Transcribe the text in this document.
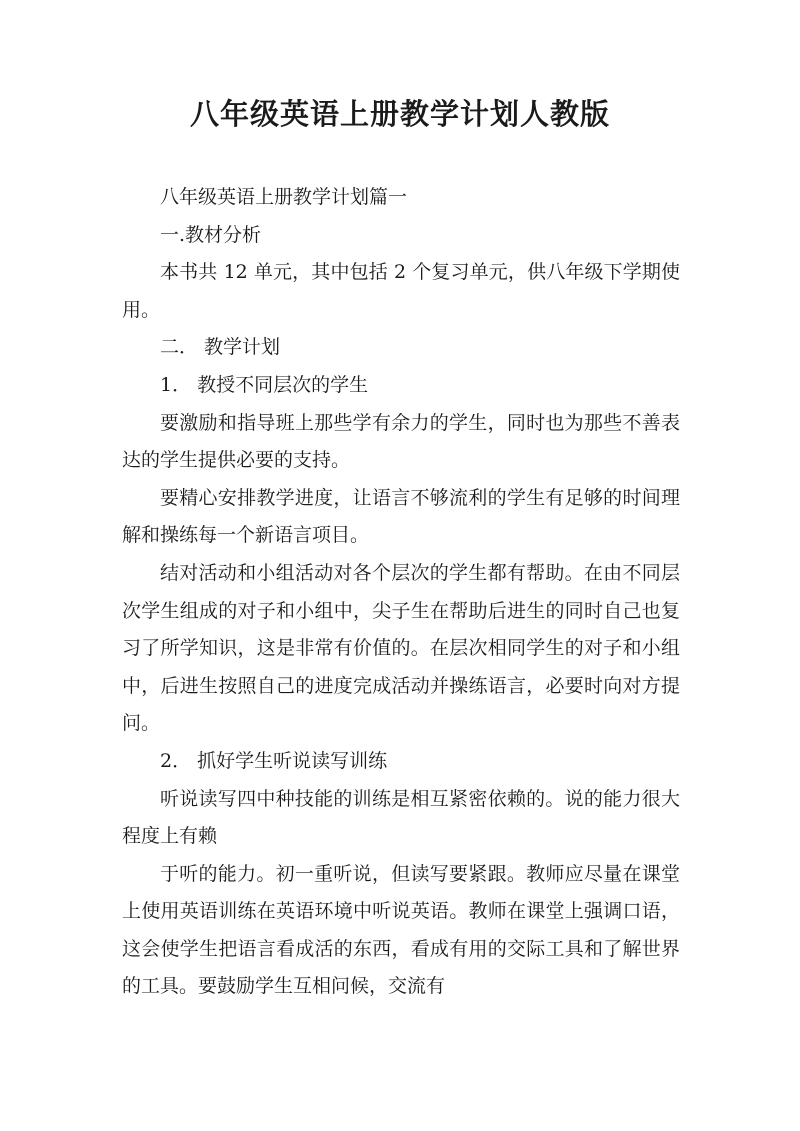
八年级英语上册教学计划人教版

八年级英语上册教学计划篇一

一.教材分析

本书共 12 单元，其中包括 2 个复习单元，供八年级下学期使用。

二． 教学计划

1． 教授不同层次的学生

要激励和指导班上那些学有余力的学生，同时也为那些不善表达的学生提供必要的支持。

要精心安排教学进度，让语言不够流利的学生有足够的时间理解和操练每一个新语言项目。

结对活动和小组活动对各个层次的学生都有帮助。在由不同层次学生组成的对子和小组中，尖子生在帮助后进生的同时自己也复习了所学知识，这是非常有价值的。在层次相同学生的对子和小组中，后进生按照自己的进度完成活动并操练语言，必要时向对方提问。

2． 抓好学生听说读写训练

听说读写四中种技能的训练是相互紧密依赖的。说的能力很大程度上有赖

于听的能力。初一重听说，但读写要紧跟。教师应尽量在课堂上使用英语训练在英语环境中听说英语。教师在课堂上强调口语，这会使学生把语言看成活的东西，看成有用的交际工具和了解世界的工具。要鼓励学生互相问候，交流有
